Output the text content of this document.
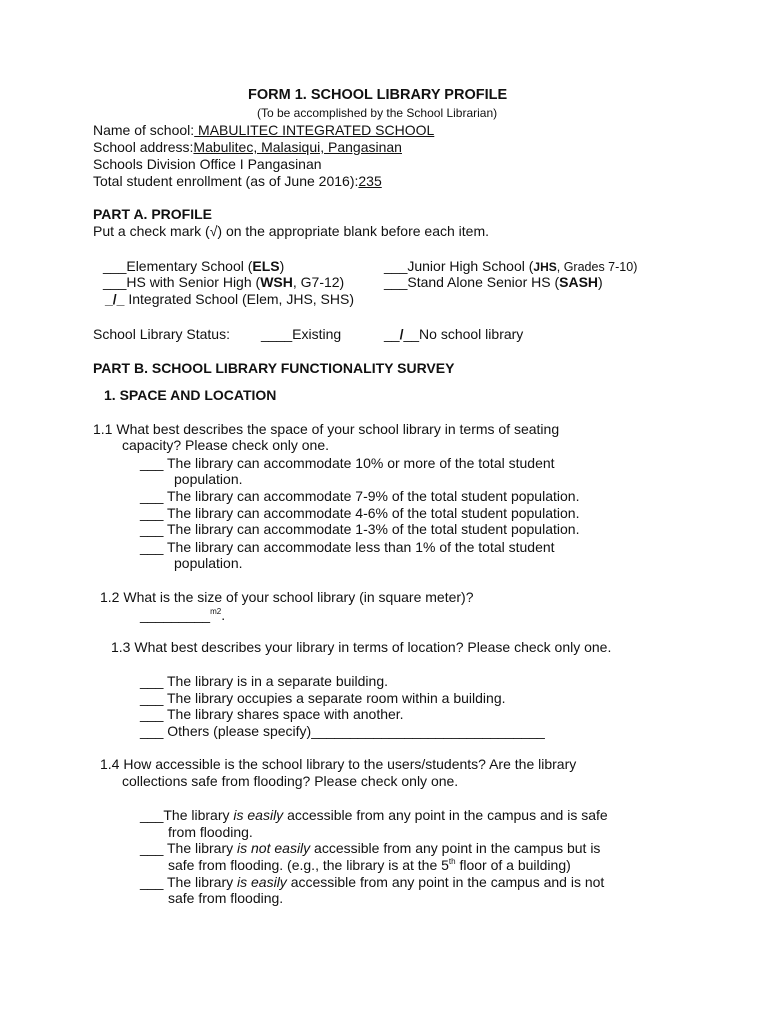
FORM 1. SCHOOL LIBRARY PROFILE
(To be accomplished by the School Librarian)
Name of school: MABULITEC INTEGRATED SCHOOL
School address:Mabulitec, Malasiqui, Pangasinan
Schools Division Office I Pangasinan
Total student enrollment (as of June 2016):235
PART A. PROFILE
Put a check mark (√) on the appropriate blank before each item.
___Elementary School (ELS)	___Junior High School (JHS, Grades 7-10)
___HS with Senior High (WSH, G7-12)	___Stand Alone Senior HS (SASH)
_/_ Integrated School (Elem, JHS, SHS)
School Library Status: ____Existing	__/__No school library
PART B. SCHOOL LIBRARY FUNCTIONALITY SURVEY
1. SPACE AND LOCATION
1.1 What best describes the space of your school library in terms of seating
capacity? Please check only one.
___ The library can accommodate 10% or more of the total student
population.
___ The library can accommodate 7-9% of the total student population.
___ The library can accommodate 4-6% of the total student population.
___ The library can accommodate 1-3% of the total student population.
___ The library can accommodate less than 1% of the total student
population.
1.2 What is the size of your school library (in square meter)?
_________$^{m2}$.
1.3 What best describes your library in terms of location? Please check only one.
___ The library is in a separate building.
___ The library occupies a separate room within a building.
___ The library shares space with another.
___ Others (please specify)______________________________
1.4 How accessible is the school library to the users/students? Are the library
collections safe from flooding? Please check only one.
___The library is easily accessible from any point in the campus and is safe
from flooding.
___ The library is not easily accessible from any point in the campus but is
safe from flooding. (e.g., the library is at the 5th floor of a building)
___ The library is easily accessible from any point in the campus and is not
safe from flooding.
